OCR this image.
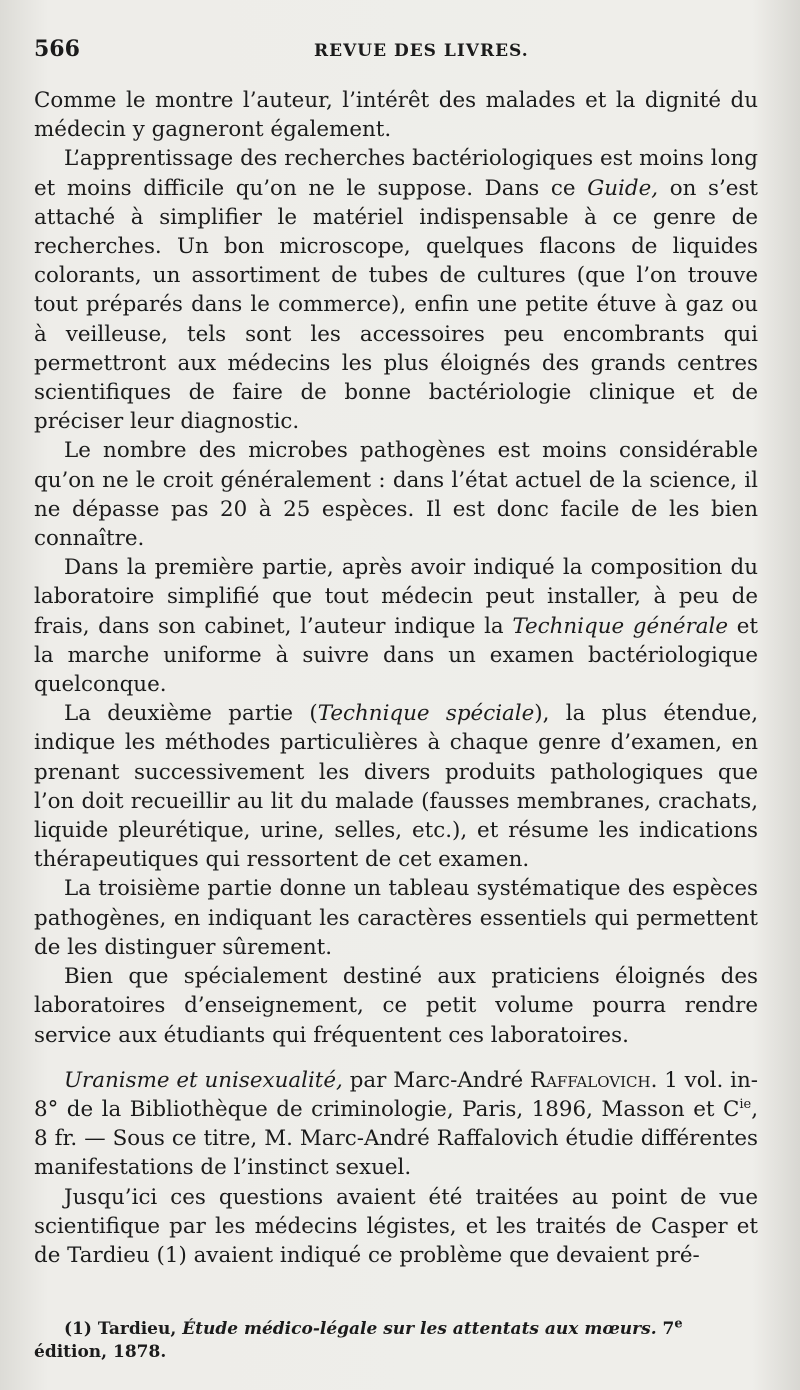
566	REVUE DES LIVRES.

Comme le montre l’auteur, l’intérêt des malades et la dignité du médecin y gagneront également.

L’apprentissage des recherches bactériologiques est moins long et moins difficile qu’on ne le suppose. Dans ce Guide, on s’est attaché à simplifier le matériel indispensable à ce genre de recherches. Un bon microscope, quelques flacons de liquides colorants, un assortiment de tubes de cultures (que l’on trouve tout préparés dans le commerce), enfin une petite étuve à gaz ou à veilleuse, tels sont les accessoires peu encombrants qui permettront aux médecins les plus éloignés des grands centres scientifiques de faire de bonne bactériologie clinique et de préciser leur diagnostic.

Le nombre des microbes pathogènes est moins considérable qu’on ne le croit généralement : dans l’état actuel de la science, il ne dépasse pas 20 à 25 espèces. Il est donc facile de les bien connaître.

Dans la première partie, après avoir indiqué la composition du laboratoire simplifié que tout médecin peut installer, à peu de frais, dans son cabinet, l’auteur indique la Technique générale et la marche uniforme à suivre dans un examen bactériologique quelconque.

La deuxième partie (Technique spéciale), la plus étendue, indique les méthodes particulières à chaque genre d’examen, en prenant successivement les divers produits pathologiques que l’on doit recueillir au lit du malade (fausses membranes, crachats, liquide pleurétique, urine, selles, etc.), et résume les indications thérapeutiques qui ressortent de cet examen.

La troisième partie donne un tableau systématique des espèces pathogènes, en indiquant les caractères essentiels qui permettent de les distinguer sûrement.

Bien que spécialement destiné aux praticiens éloignés des laboratoires d’enseignement, ce petit volume pourra rendre service aux étudiants qui fréquentent ces laboratoires.

Uranisme et unisexualité, par Marc-André Raffalovich. 1 vol. in-8° de la Bibliothèque de criminologie, Paris, 1896, Masson et $C^{ie}$, 8 fr. — Sous ce titre, M. Marc-André Raffalovich étudie différentes manifestations de l’instinct sexuel.

Jusqu’ici ces questions avaient été traitées au point de vue scientifique par les médecins légistes, et les traités de Casper et de Tardieu (1) avaient indiqué ce problème que devaient pré-

(1) Tardieu, Étude médico-légale sur les attentats aux mœurs. 7e édition, 1878.
